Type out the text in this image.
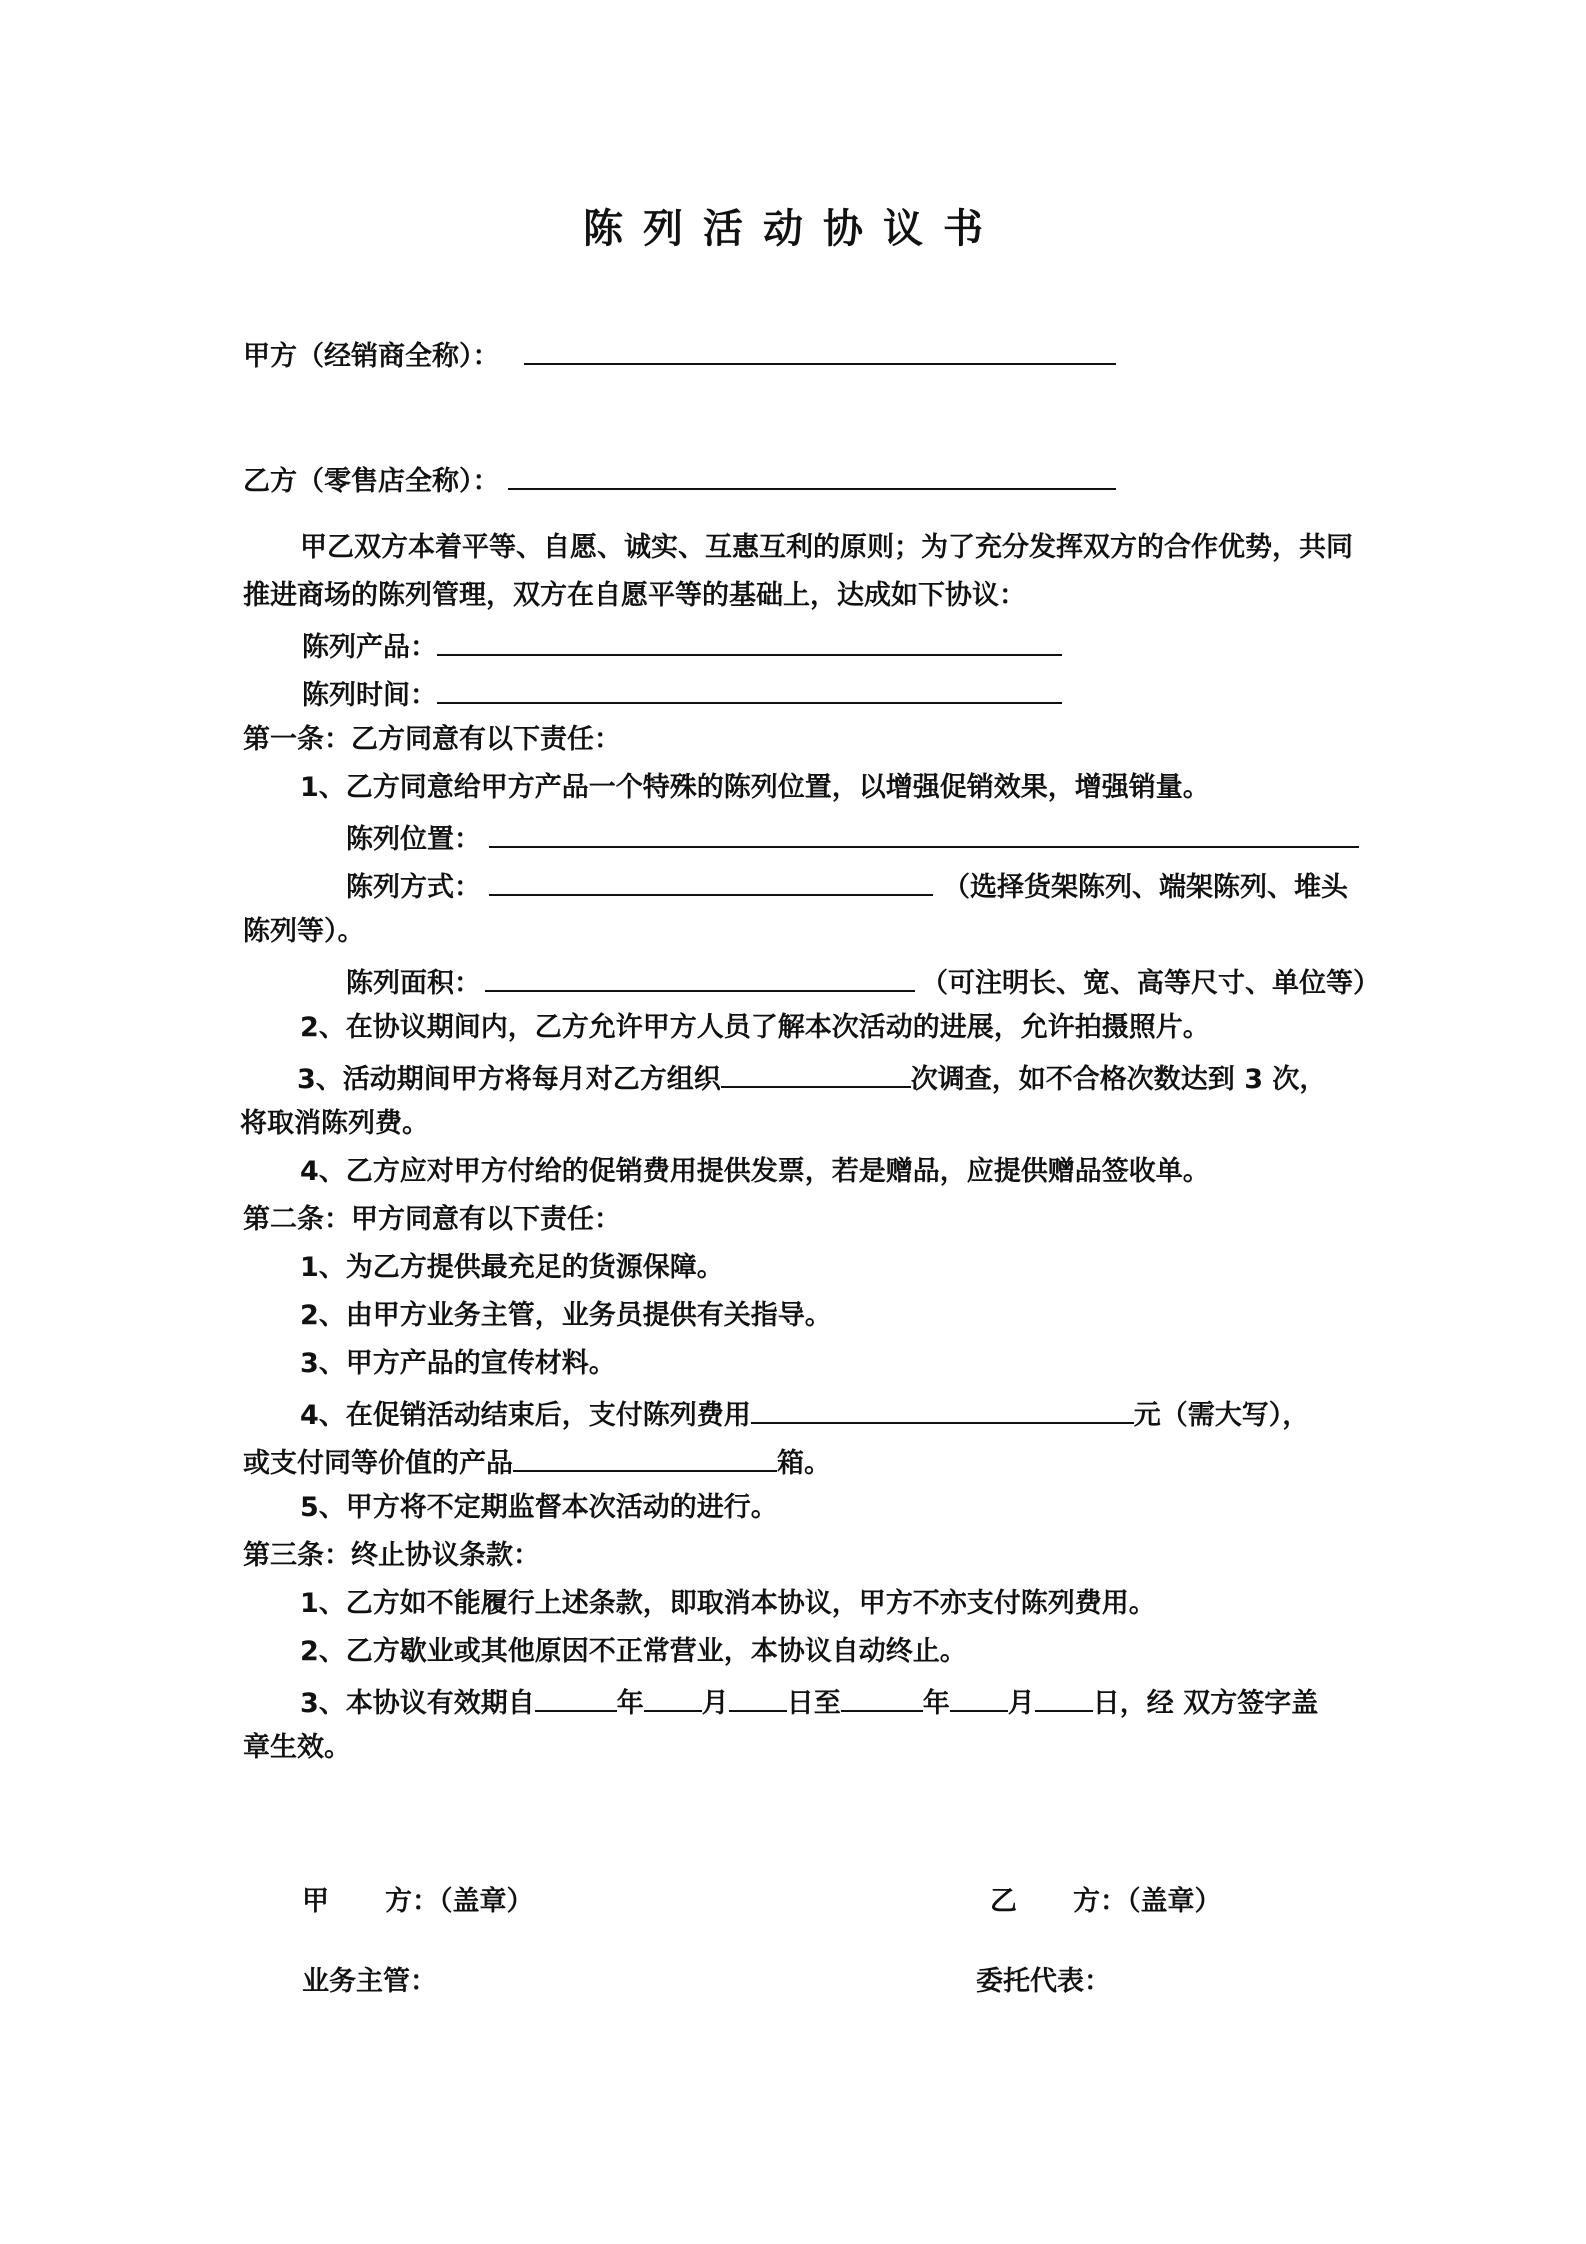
陈列活动协议书
甲方（经销商全称）：
乙方（零售店全称）：
甲乙双方本着平等、自愿、诚实、互惠互利的原则；为了充分发挥双方的合作优势，共同
推进商场的陈列管理，双方在自愿平等的基础上，达成如下协议：
陈列产品：
陈列时间：
第一条：乙方同意有以下责任：
1、乙方同意给甲方产品一个特殊的陈列位置，以增强促销效果，增强销量。
陈列位置：
陈列方式：	（选择货架陈列、端架陈列、堆头
陈列等）。
陈列面积：	（可注明长、宽、高等尺寸、单位等）
2、在协议期间内，乙方允许甲方人员了解本次活动的进展，允许拍摄照片。
3、活动期间甲方将每月对乙方组织	次调查，如不合格次数达到 3 次，
将取消陈列费。
4、乙方应对甲方付给的促销费用提供发票，若是赠品，应提供赠品签收单。
第二条：甲方同意有以下责任：
1、为乙方提供最充足的货源保障。
2、由甲方业务主管，业务员提供有关指导。
3、甲方产品的宣传材料。
4、在促销活动结束后，支付陈列费用	元（需大写），
或支付同等价值的产品	箱。
5、甲方将不定期监督本次活动的进行。
第三条：终止协议条款：
1、乙方如不能履行上述条款，即取消本协议，甲方不亦支付陈列费用。
2、乙方歇业或其他原因不正常营业，本协议自动终止。
3、本协议有效期自	年 月 日至	年 月 日，经 双方签字盖
章生效。
甲 方：（盖章）	乙 方：（盖章）
业务主管：	委托代表：
